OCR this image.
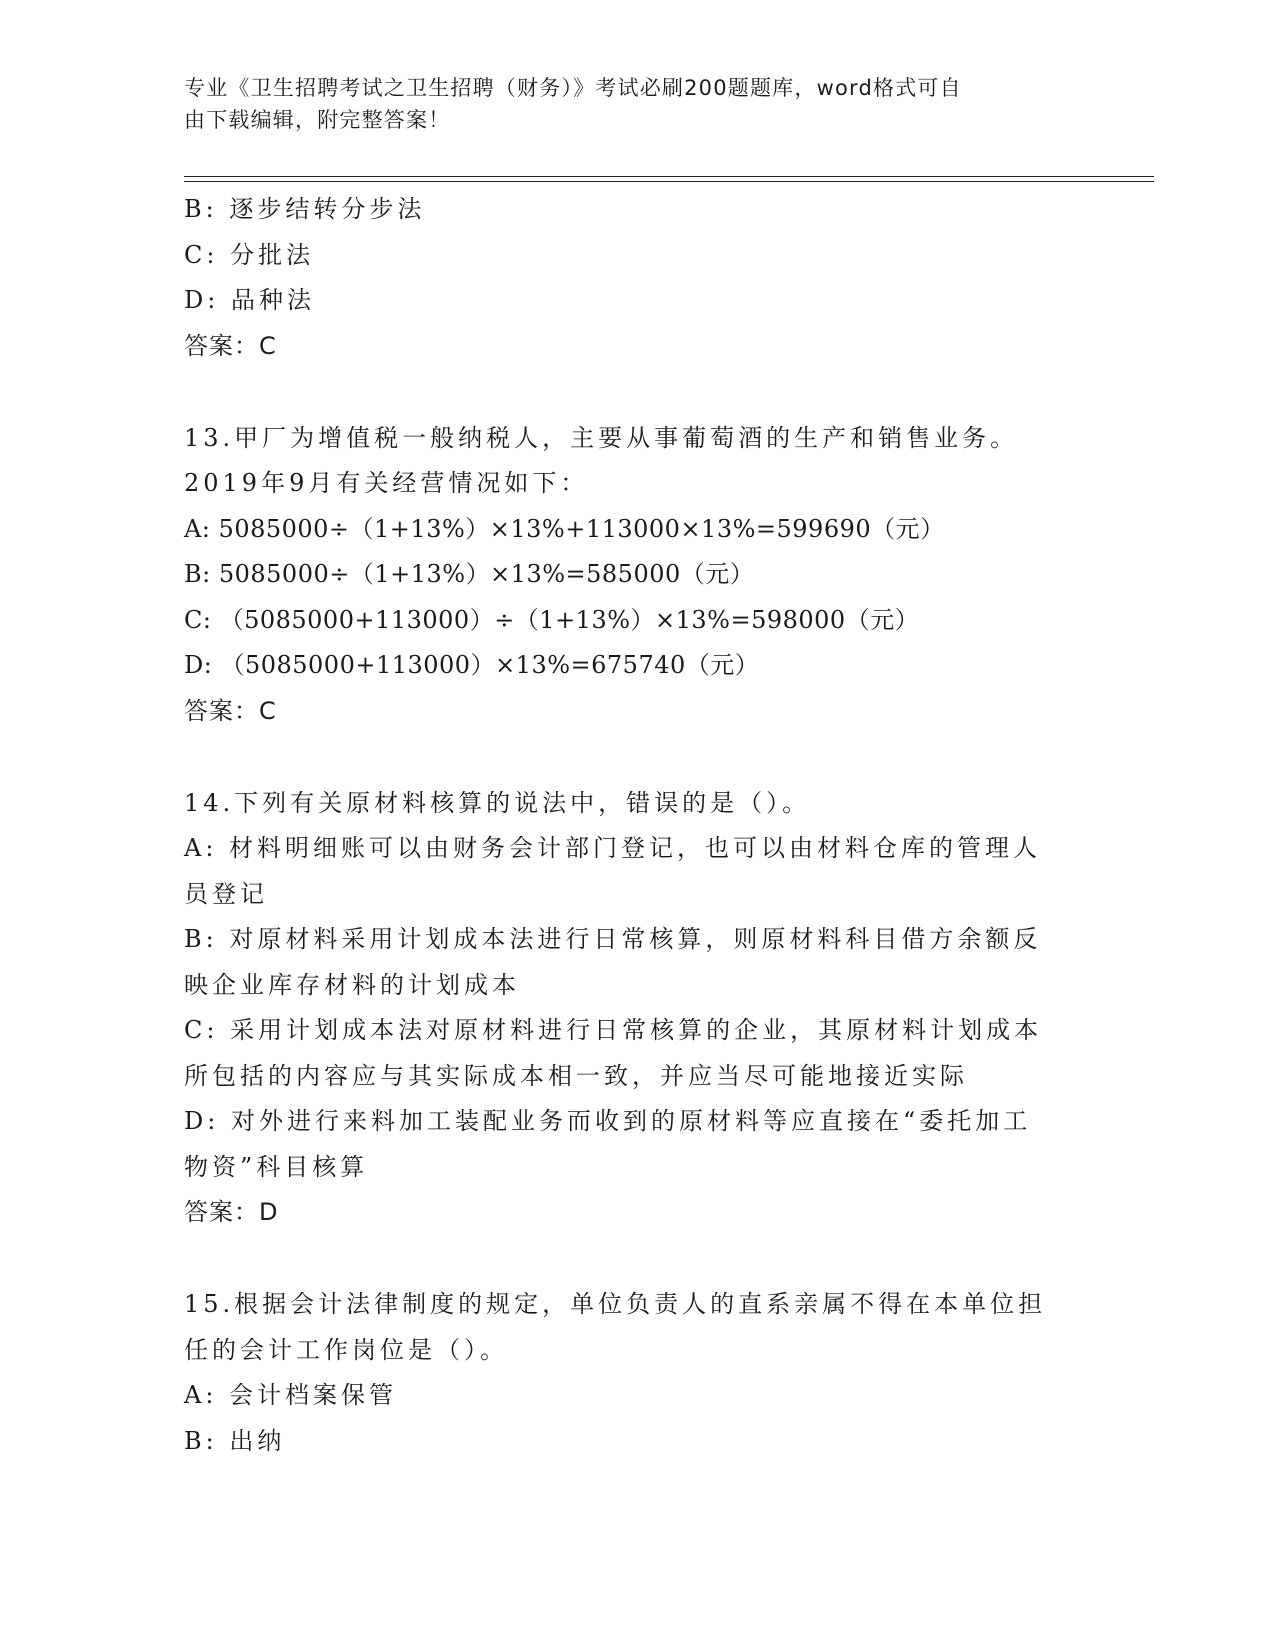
专业《卫生招聘考试之卫生招聘（财务）》考试必刷200题题库，word格式可自
由下载编辑，附完整答案！
B: 逐步结转分步法
C: 分批法
D: 品种法
答案：C
13.甲厂为增值税一般纳税人，主要从事葡萄酒的生产和销售业务。
2019年9月有关经营情况如下：
A: 5085000÷（1+13%）×13%+113000×13%=599690（元）
B: 5085000÷（1+13%）×13%=585000（元）
C: （5085000+113000）÷（1+13%）×13%=598000（元）
D: （5085000+113000）×13%=675740（元）
答案：C
14.下列有关原材料核算的说法中，错误的是（）。
A: 材料明细账可以由财务会计部门登记，也可以由材料仓库的管理人
员登记
B: 对原材料采用计划成本法进行日常核算，则原材料科目借方余额反
映企业库存材料的计划成本
C: 采用计划成本法对原材料进行日常核算的企业，其原材料计划成本
所包括的内容应与其实际成本相一致，并应当尽可能地接近实际
D: 对外进行来料加工装配业务而收到的原材料等应直接在“委托加工
物资”科目核算
答案：D
15.根据会计法律制度的规定，单位负责人的直系亲属不得在本单位担
任的会计工作岗位是（）。
A: 会计档案保管
B: 出纳
